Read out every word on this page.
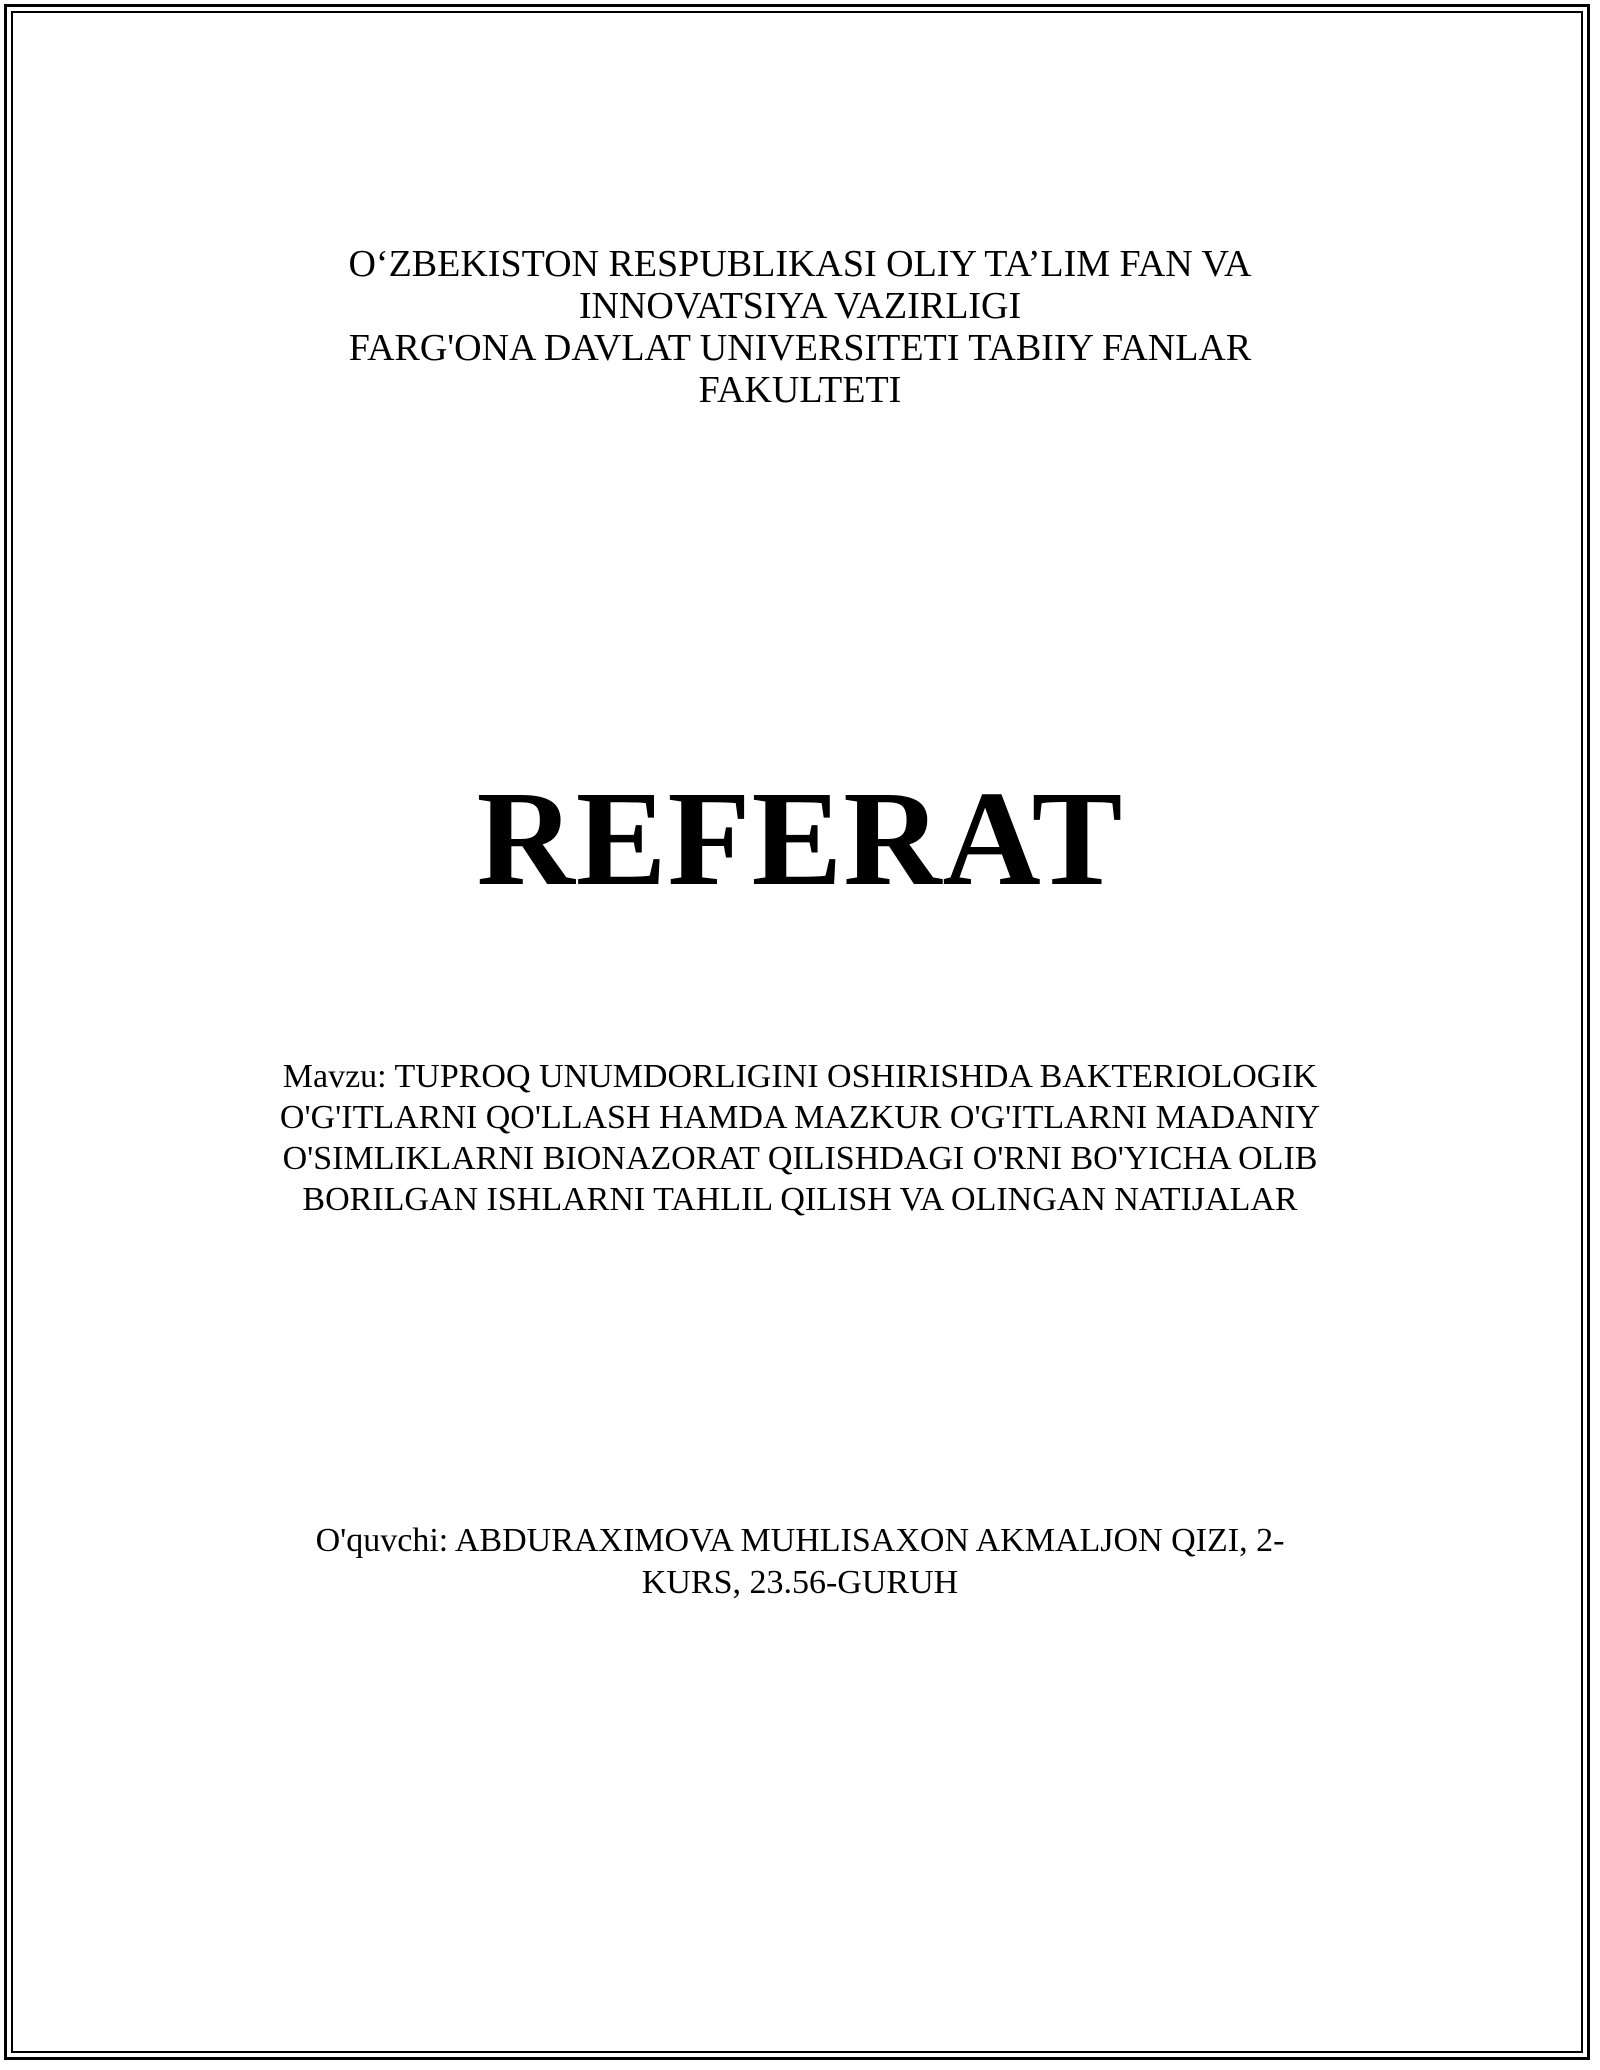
O‘ZBEKISTON RESPUBLIKASI OLIY TA’LIM FAN VA
INNOVATSIYA VAZIRLIGI
FARG'ONA DAVLAT UNIVERSITETI TABIIY FANLAR
FAKULTETI
REFERAT
Mavzu: TUPROQ UNUMDORLIGINI OSHIRISHDA BAKTERIOLOGIK
O'G'ITLARNI QO'LLASH HAMDA MAZKUR O'G'ITLARNI MADANIY
O'SIMLIKLARNI BIONAZORAT QILISHDAGI O'RNI BO'YICHA OLIB
BORILGAN ISHLARNI TAHLIL QILISH VA OLINGAN NATIJALAR
O'quvchi: ABDURAXIMOVA MUHLISAXON AKMALJON QIZI, 2-
KURS, 23.56-GURUH
